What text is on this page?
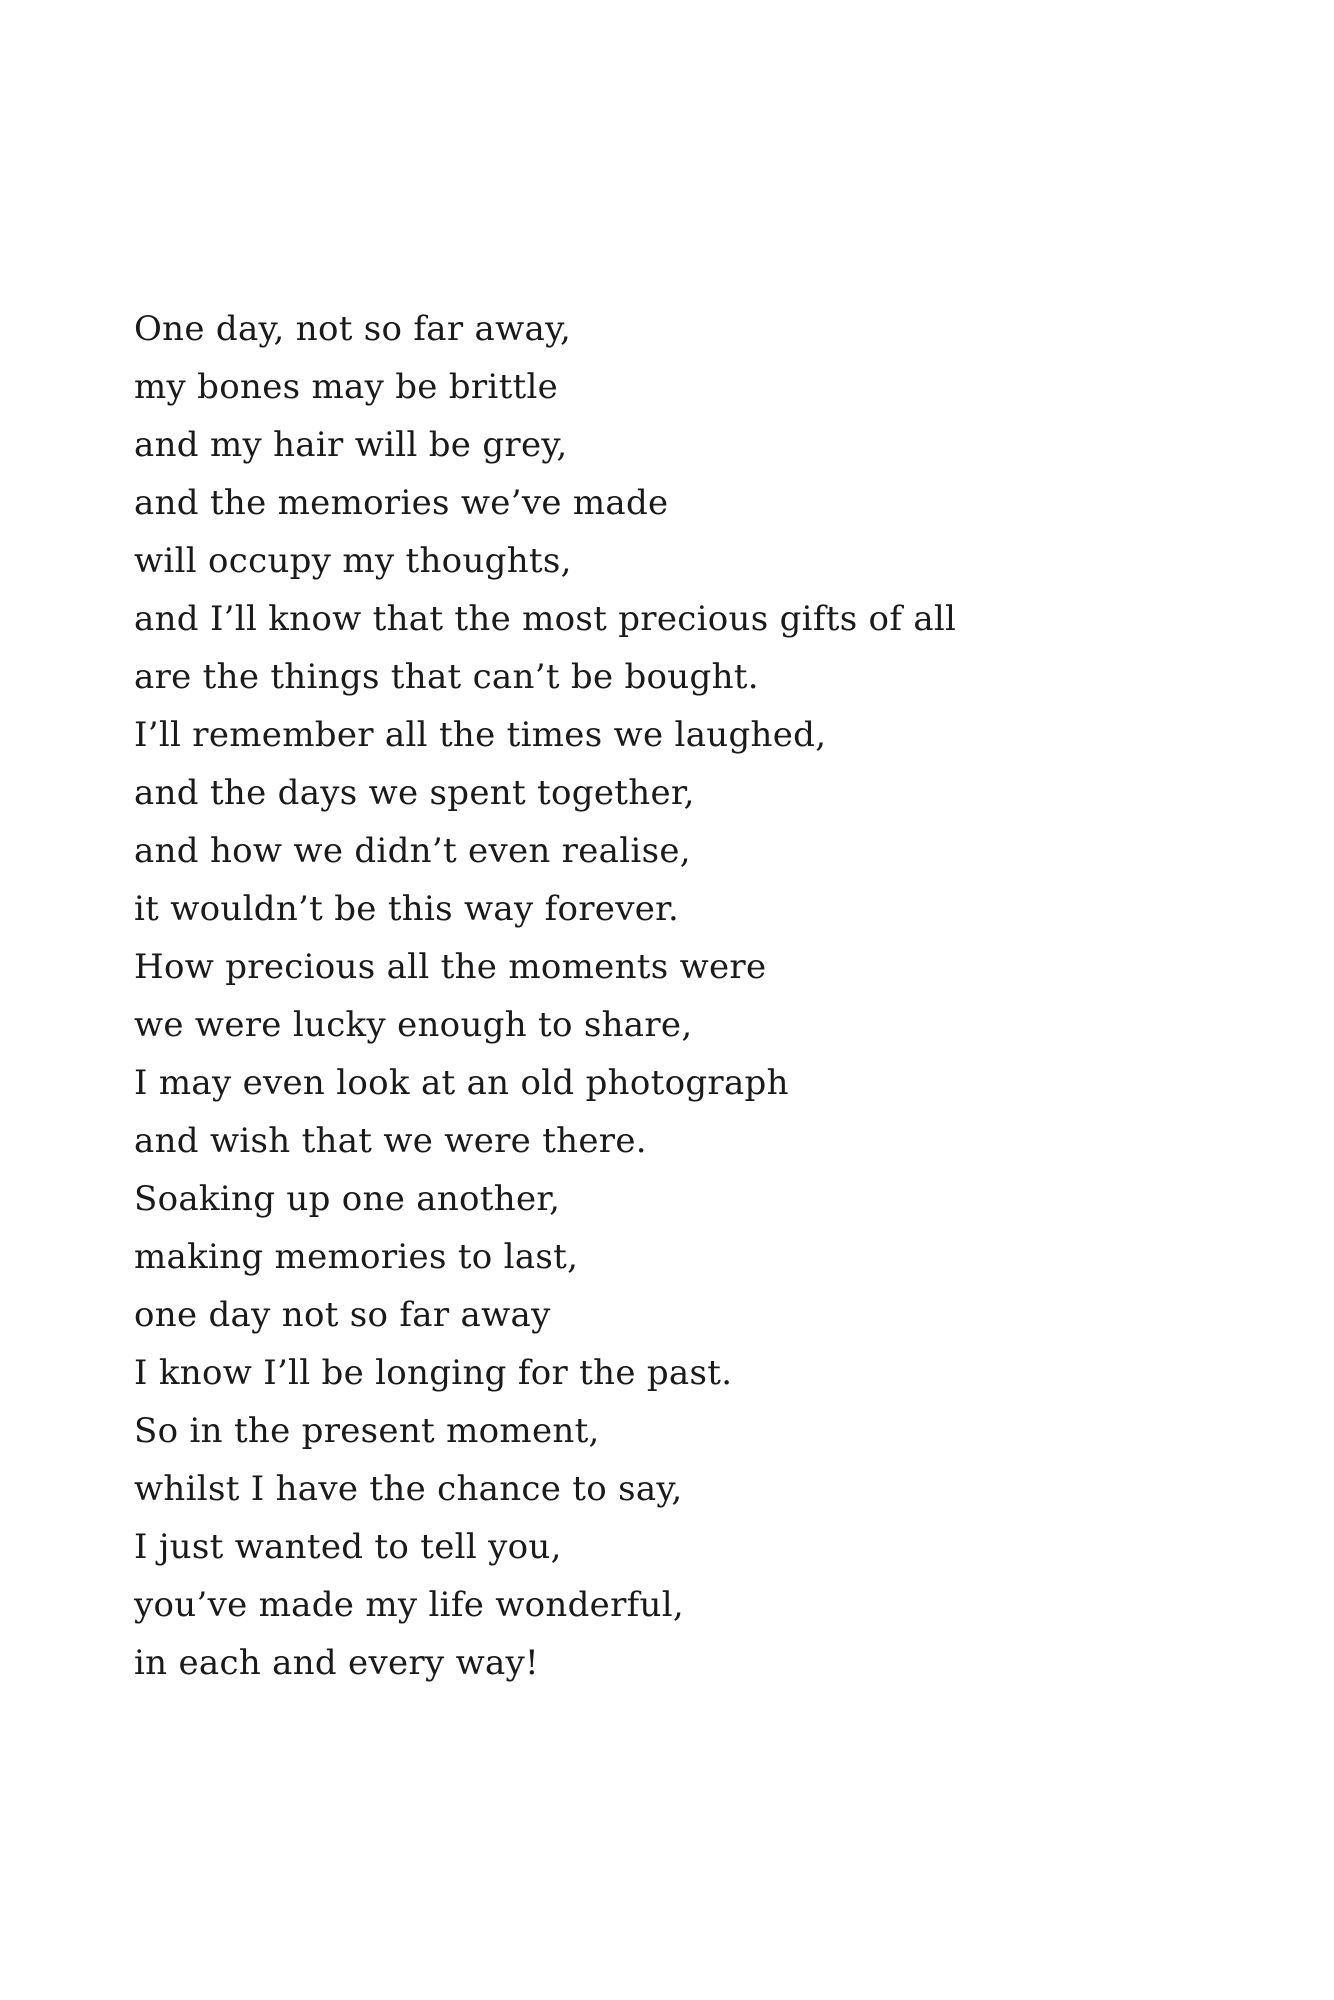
One day, not so far away,
my bones may be brittle
and my hair will be grey,
and the memories we’ve made
will occupy my thoughts,
and I’ll know that the most precious gifts of all
are the things that can’t be bought.
I’ll remember all the times we laughed,
and the days we spent together,
and how we didn’t even realise,
it wouldn’t be this way forever.
How precious all the moments were
we were lucky enough to share,
I may even look at an old photograph
and wish that we were there.
Soaking up one another,
making memories to last,
one day not so far away
I know I’ll be longing for the past.
So in the present moment,
whilst I have the chance to say,
I just wanted to tell you,
you’ve made my life wonderful,
in each and every way!
